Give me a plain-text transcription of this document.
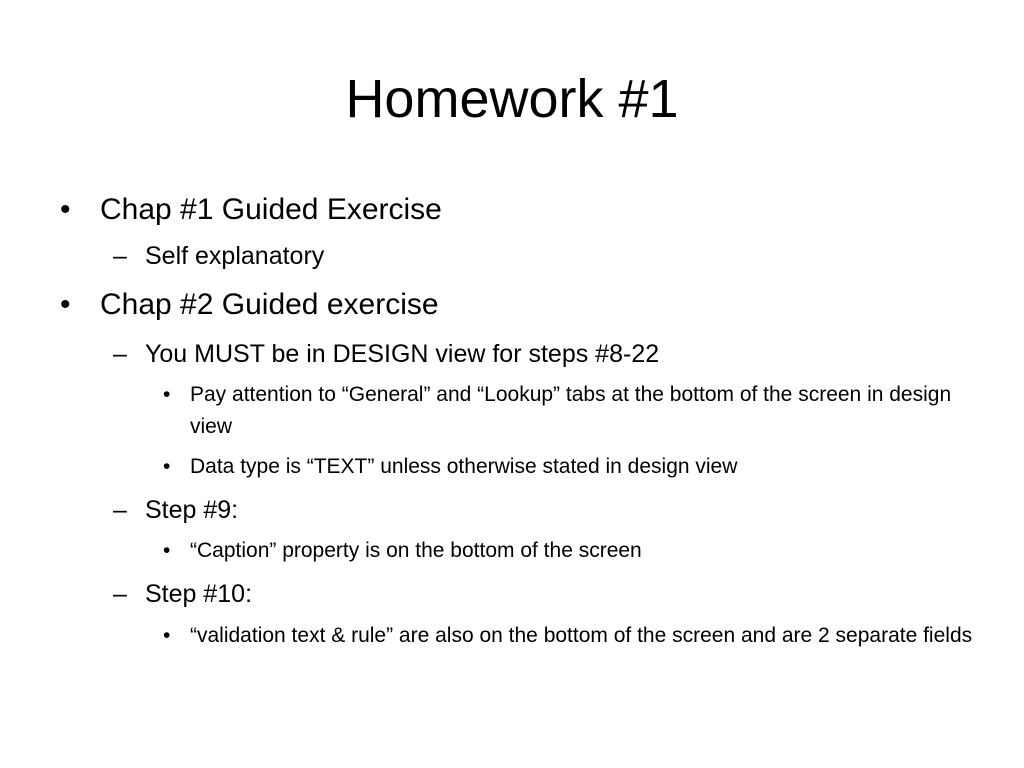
Homework #1
• Chap #1 Guided Exercise
– Self explanatory
• Chap #2 Guided exercise
– You MUST be in DESIGN view for steps #8-22
• Pay attention to “General” and “Lookup” tabs at the bottom of the screen in design view
• Data type is “TEXT” unless otherwise stated in design view
– Step #9:
• “Caption” property is on the bottom of the screen
– Step #10:
• “validation text & rule” are also on the bottom of the screen and are 2 separate fields
